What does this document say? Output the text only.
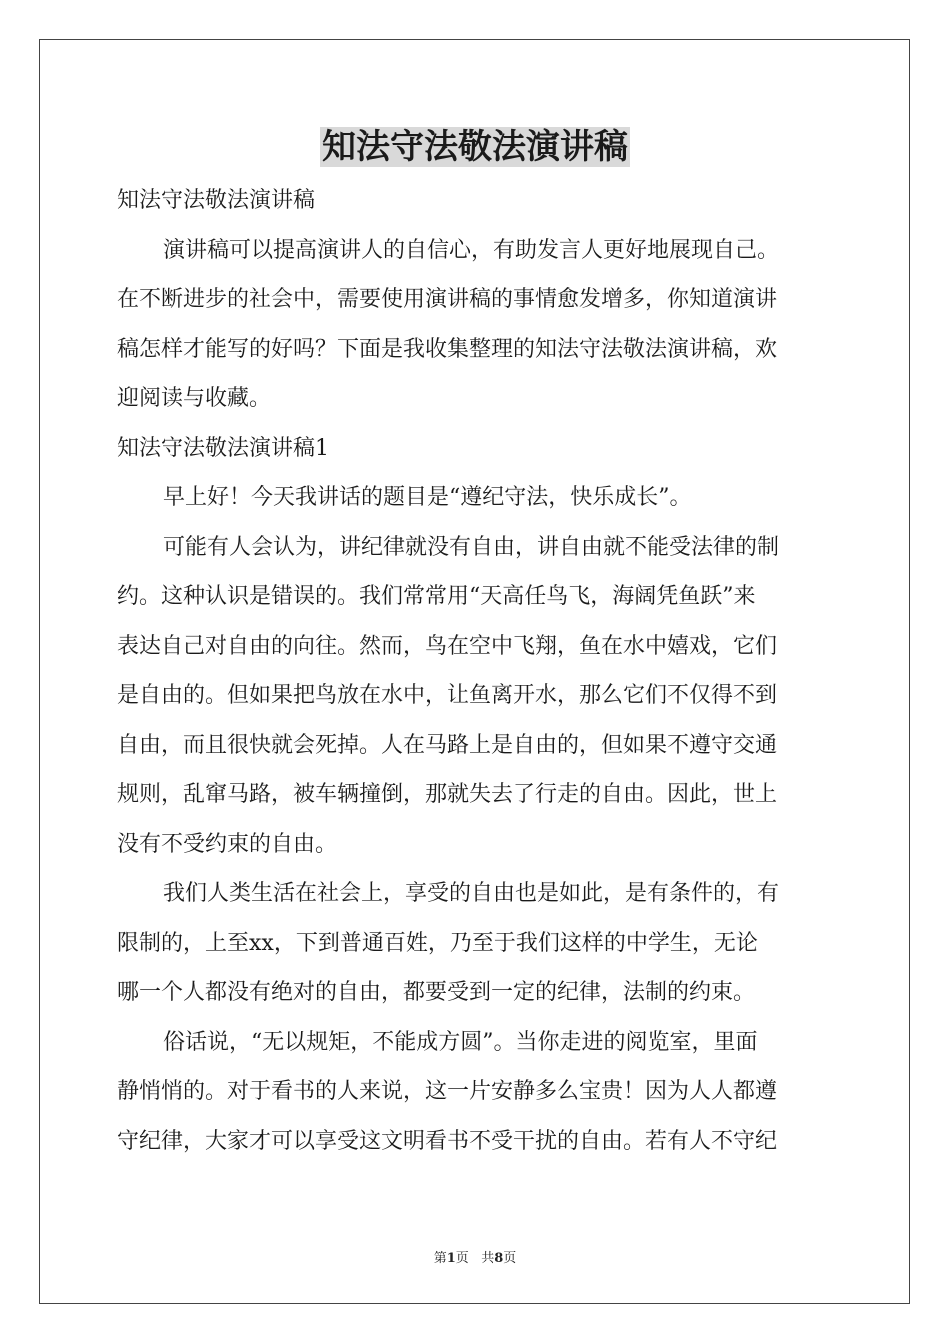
知法守法敬法演讲稿
知法守法敬法演讲稿
演讲稿可以提高演讲人的自信心，有助发言人更好地展现自己。
在不断进步的社会中，需要使用演讲稿的事情愈发增多，你知道演讲
稿怎样才能写的好吗？下面是我收集整理的知法守法敬法演讲稿，欢
迎阅读与收藏。
知法守法敬法演讲稿1
早上好！今天我讲话的题目是“遵纪守法，快乐成长”。
可能有人会认为，讲纪律就没有自由，讲自由就不能受法律的制
约。这种认识是错误的。我们常常用“天高任鸟飞，海阔凭鱼跃”来
表达自己对自由的向往。然而，鸟在空中飞翔，鱼在水中嬉戏，它们
是自由的。但如果把鸟放在水中，让鱼离开水，那么它们不仅得不到
自由，而且很快就会死掉。人在马路上是自由的，但如果不遵守交通
规则，乱窜马路，被车辆撞倒，那就失去了行走的自由。因此，世上
没有不受约束的自由。
我们人类生活在社会上，享受的自由也是如此，是有条件的，有
限制的，上至xx，下到普通百姓，乃至于我们这样的中学生，无论
哪一个人都没有绝对的自由，都要受到一定的纪律，法制的约束。
俗话说，“无以规矩，不能成方圆”。当你走进的阅览室，里面
静悄悄的。对于看书的人来说，这一片安静多么宝贵！因为人人都遵
守纪律，大家才可以享受这文明看书不受干扰的自由。若有人不守纪
第1页 共8页
